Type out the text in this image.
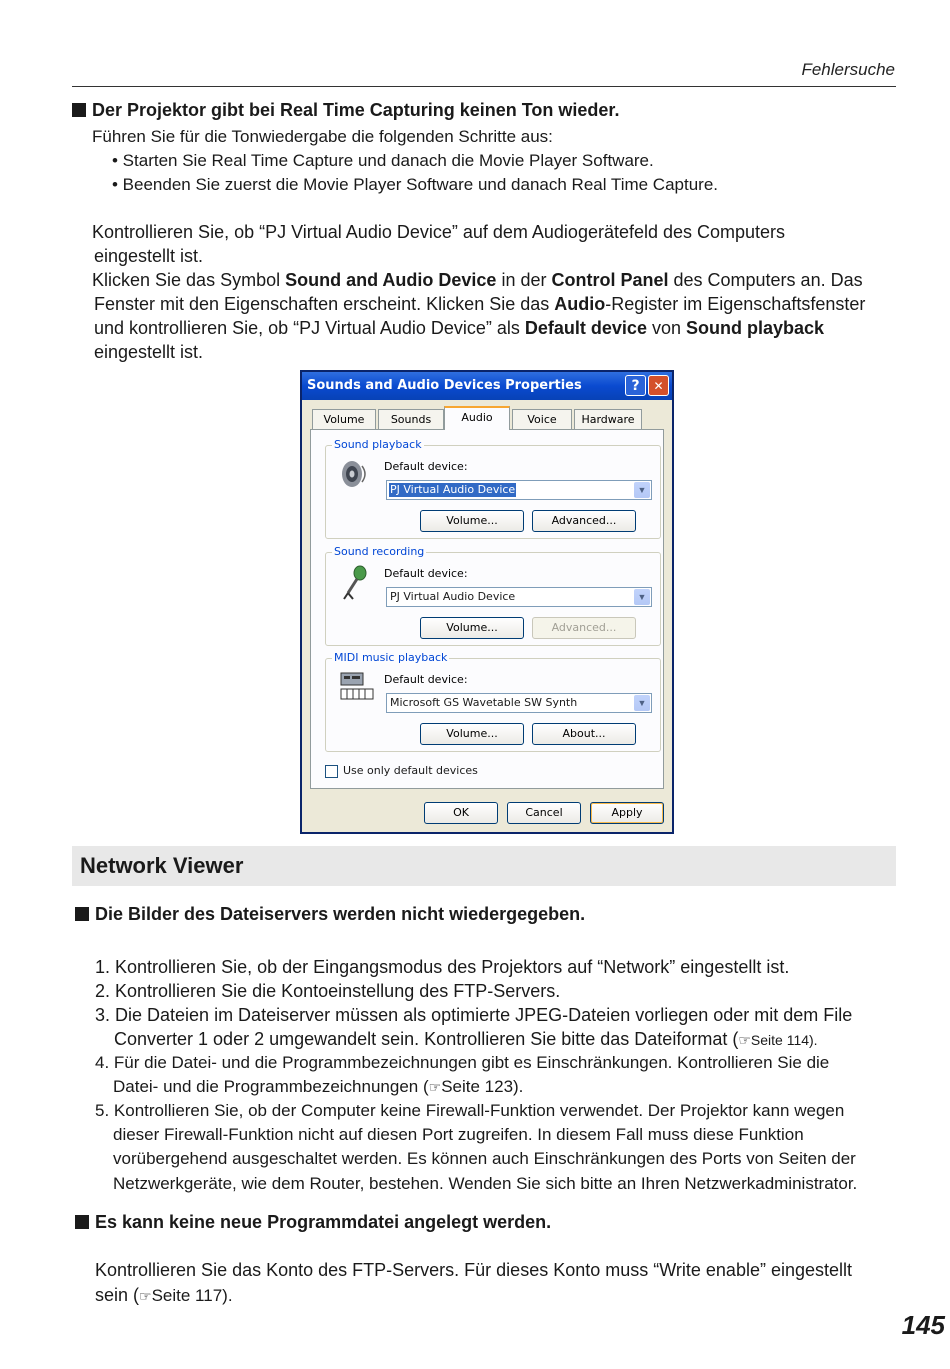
Fehlersuche
Der Projektor gibt bei Real Time Capturing keinen Ton wieder.
Führen Sie für die Tonwiedergabe die folgenden Schritte aus:
• Starten Sie Real Time Capture und danach die Movie Player Software.
• Beenden Sie zuerst die Movie Player Software und danach Real Time Capture.
Kontrollieren Sie, ob “PJ Virtual Audio Device” auf dem Audiogerätefeld des Computers
eingestellt ist.
Klicken Sie das Symbol Sound and Audio Device in der Control Panel des Computers an. Das
Fenster mit den Eigenschaften erscheint. Klicken Sie das Audio-Register im Eigenschaftsfenster
und kontrollieren Sie, ob “PJ Virtual Audio Device” als Default device von Sound playback
eingestellt ist.
Sounds and Audio Devices Properties	?	✕
Volume	Sounds	Audio	Voice	Hardware
Sound playback
Default device:
PJ Virtual Audio Device	▼
Volume...	Advanced...
Sound recording
Default device:
PJ Virtual Audio Device	▼
Volume...	Advanced...
MIDI music playback
Default device:
Microsoft GS Wavetable SW Synth	▼
Volume...	About...
Use only default devices
OK	Cancel	Apply
Network Viewer
Die Bilder des Dateiservers werden nicht wiedergegeben.
1. Kontrollieren Sie, ob der Eingangsmodus des Projektors auf “Network” eingestellt ist.
2. Kontrollieren Sie die Kontoeinstellung des FTP-Servers.
3. Die Dateien im Dateiserver müssen als optimierte JPEG-Dateien vorliegen oder mit dem File
Converter 1 oder 2 umgewandelt sein. Kontrollieren Sie bitte das Dateiformat (☞Seite 114).
4. Für die Datei- und die Programmbezeichnungen gibt es Einschränkungen. Kontrollieren Sie die
Datei- und die Programmbezeichnungen (☞Seite 123).
5. Kontrollieren Sie, ob der Computer keine Firewall-Funktion verwendet. Der Projektor kann wegen
dieser Firewall-Funktion nicht auf diesen Port zugreifen. In diesem Fall muss diese Funktion
vorübergehend ausgeschaltet werden. Es können auch Einschränkungen des Ports von Seiten der
Netzwerkgeräte, wie dem Router, bestehen. Wenden Sie sich bitte an Ihren Netzwerkadministrator.
Es kann keine neue Programmdatei angelegt werden.
Kontrollieren Sie das Konto des FTP-Servers. Für dieses Konto muss “Write enable” eingestellt
sein (☞Seite 117).
145
